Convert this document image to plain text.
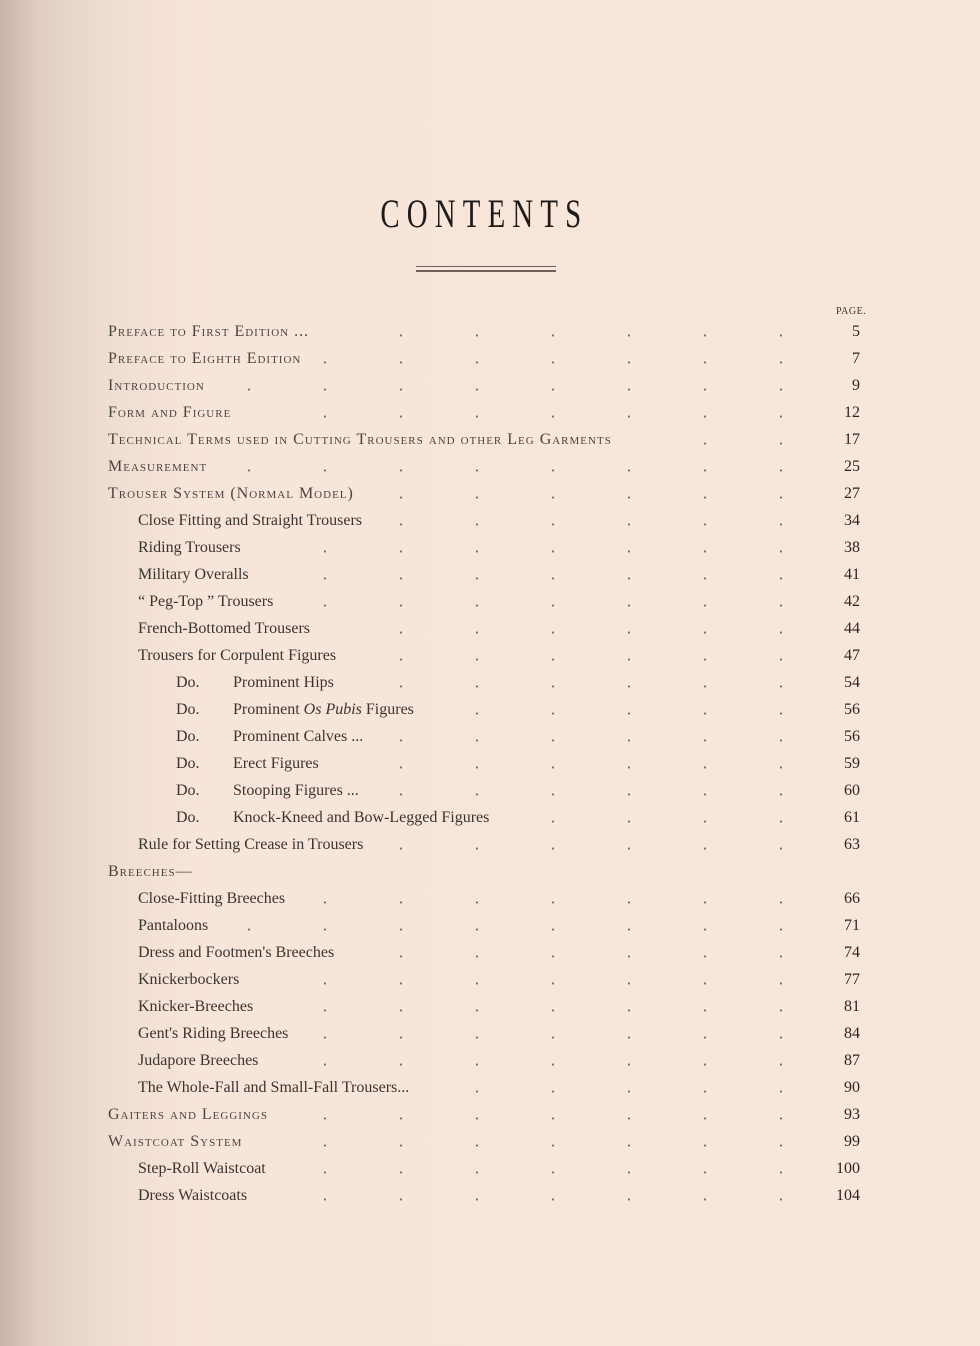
CONTENTS
PAGE.
Preface to First Edition ...	5
Preface to Eighth Edition	7
Introduction	9
Form and Figure	12
Technical Terms used in Cutting Trousers and other Leg Garments	17
Measurement	25
Trouser System (Normal Model)	27
Close Fitting and Straight Trousers	34
Riding Trousers	38
Military Overalls	41
“ Peg-Top ” Trousers	42
French-Bottomed Trousers	44
Trousers for Corpulent Figures	47
Do. Prominent Hips	54
Do. Prominent Os Pubis Figures	56
Do. Prominent Calves ...	56
Do. Erect Figures	59
Do. Stooping Figures ...	60
Do. Knock-Kneed and Bow-Legged Figures	61
Rule for Setting Crease in Trousers	63
Breeches—
Close-Fitting Breeches	66
Pantaloons	71
Dress and Footmen's Breeches	74
Knickerbockers	77
Knicker-Breeches	81
Gent's Riding Breeches	84
Judapore Breeches	87
The Whole-Fall and Small-Fall Trousers...	90
Gaiters and Leggings	93
Waistcoat System	99
Step-Roll Waistcoat	100
Dress Waistcoats	104
